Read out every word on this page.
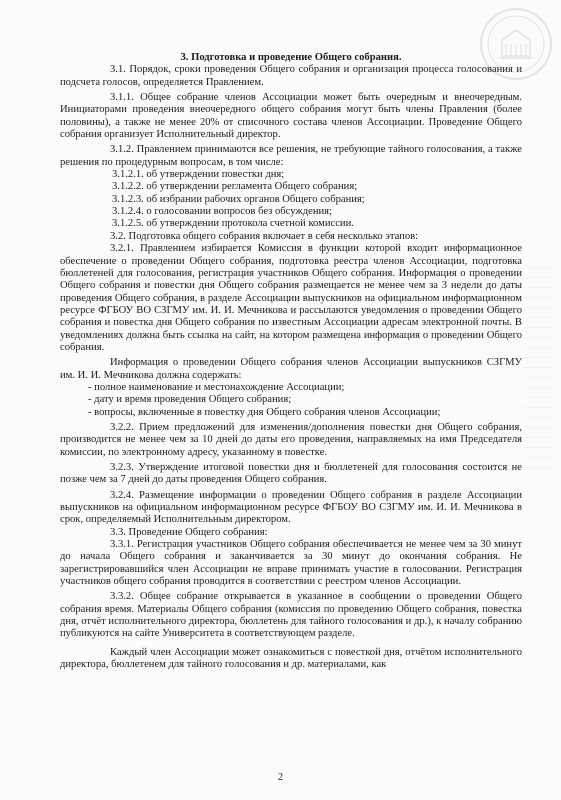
3. Подготовка и проведение Общего собрания.

3.1. Порядок, сроки проведения Общего собрания и организация процесса голосования и подсчета голосов, определяется Правлением.

3.1.1. Общее собрание членов Ассоциации может быть очередным и внеочередным. Инициаторами проведения внеочередного общего собрания могут быть члены Правления (более половины), а также не менее 20% от списочного состава членов Ассоциации. Проведение Общего собрания организует Исполнительный директор.

3.1.2. Правлением принимаются все решения, не требующие тайного голосования, а также решения по процедурным вопросам, в том числе:

3.1.2.1. об утверждении повестки дня;

3.1.2.2. об утверждении регламента Общего собрания;

3.1.2.3. об избрании рабочих органов Общего собрания;

3.1.2.4. о голосовании вопросов без обсуждения;

3.1.2.5. об утверждении протокола счетной комиссии.

3.2. Подготовка общего собрания включает в себя несколько этапов:

3.2.1. Правлением избирается Комиссия в функции которой входит информационное обеспечение о проведении Общего собрания, подготовка реестра членов Ассоциации, подготовка бюллетеней для голосования, регистрация участников Общего собрания. Информация о проведении Общего собрания и повестки дня Общего собрания размещается не менее чем за 3 недели до даты проведения Общего собрания, в разделе Ассоциации выпускников на официальном информационном ресурсе ФГБОУ ВО СЗГМУ им. И. И. Мечникова и рассылаются уведомления о проведении Общего собрания и повестка дня Общего собрания по известным Ассоциации адресам электронной почты. В уведомлениях должна быть ссылка на сайт, на котором размещена информация о проведении Общего собрания.

Информация о проведении Общего собрания членов Ассоциации выпускников СЗГМУ им. И. И. Мечникова должна содержать:

- полное наименование и местонахождение Ассоциации;

- дату и время проведения Общего собрания;

- вопросы, включенные в повестку дня Общего собрания членов Ассоциации;

3.2.2. Прием предложений для изменения/дополнения повестки дня Общего собрания, производится не менее чем за 10 дней до даты его проведения, направляемых на имя Председателя комиссии, по электронному адресу, указанному в повестке.

3.2.3. Утверждение итоговой повестки дня и бюллетеней для голосования состоится не позже чем за 7 дней до даты проведения Общего собрания.

3.2.4. Размещение информации о проведении Общего собрания в разделе Ассоциации выпускников на официальном информационном ресурсе ФГБОУ ВО СЗГМУ им. И. И. Мечникова в срок, определяемый Исполнительным директором.

3.3. Проведение Общего собрания:

3.3.1. Регистрация участников Общего собрания обеспечивается не менее чем за 30 минут до начала Общего собрания и заканчивается за 30 минут до окончания собрания. Не зарегистрировавшийся член Ассоциации не вправе принимать участие в голосовании. Регистрация участников общего собрания проводится в соответствии с реестром членов Ассоциации.

3.3.2. Общее собрание открывается в указанное в сообщении о проведении Общего собрания время. Материалы Общего собрания (комиссия по проведению Общего собрания, повестка дня, отчёт исполнительного директора, бюллетень для тайного голосования и др.), к началу собранию публикуются на сайте Университета в соответствующем разделе.

Каждый член Ассоциации может ознакомиться с повесткой дня, отчётом исполнительного директора, бюллетенем для тайного голосования и др. материалами, как

2
